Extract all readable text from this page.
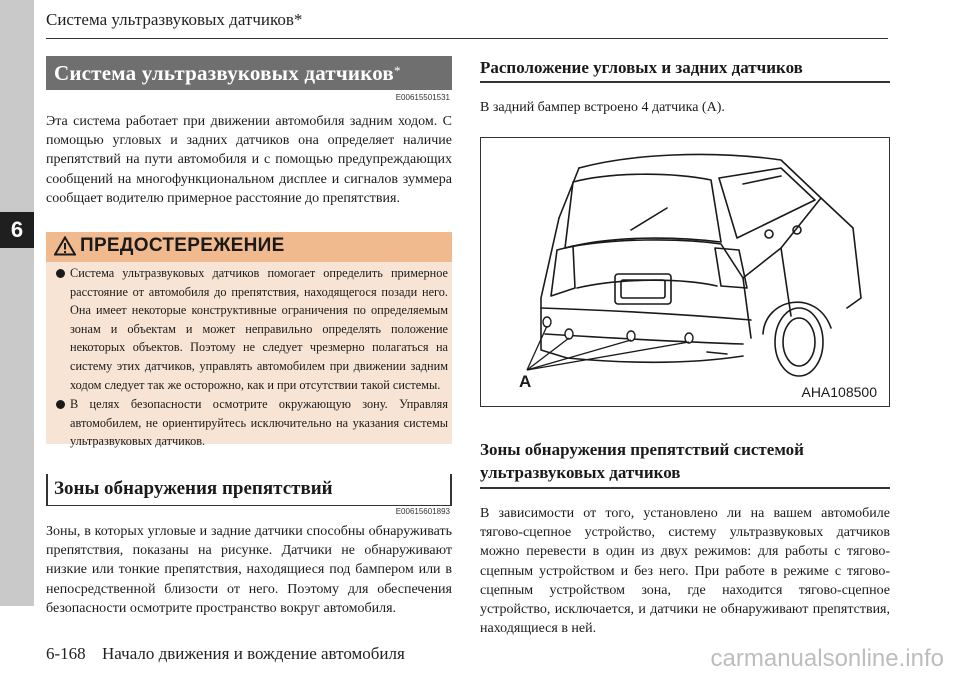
6
Система ультразвуковых датчиков*
Система ультразвуковых датчиков*
E00615501531

Эта система работает при движении автомобиля задним ходом. С помощью угловых и задних датчиков она определяет наличие препятствий на пути автомобиля и с помощью предупреждающих сообщений на многофункциональном дисплее и сигналов зуммера сообщает водителю примерное расстояние до препятствия.

ПРЕДОСТЕРЕЖЕНИЕ
Система ультразвуковых датчиков помогает определить примерное расстояние от автомобиля до препятствия, находящегося позади него. Она имеет некоторые конструктивные ограничения по определяемым зонам и объектам и может неправильно определять положение некоторых объектов. Поэтому не следует чрезмерно полагаться на систему этих датчиков, управлять автомобилем при движении задним ходом следует так же осторожно, как и при отсутствии такой системы.
В целях безопасности осмотрите окружающую зону. Управляя автомобилем, не ориентируйтесь исключительно на указания системы ультразвуковых датчиков.
Зоны обнаружения препятствий
E00615601893

Зоны, в которых угловые и задние датчики способны обнаруживать препятствия, показаны на рисунке. Датчики не обнаруживают низкие или тонкие препятствия, находящиеся под бампером или в непосредственной близости от него. Поэтому для обеспечения безопасности осмотрите пространство вокруг автомобиля.

Расположение угловых и задних датчиков

В задний бампер встроено 4 датчика (A).

A
AHA108500
Зоны обнаружения препятствий системой
ультразвуковых датчиков

В зависимости от того, установлено ли на вашем автомобиле тягово-сцепное устройство, систему ультразвуковых датчиков можно перевести в один из двух режимов: для работы с тягово-сцепным устройством и без него. При работе в режиме с тягово-сцепным устройством зона, где находится тягово-сцепное устройство, исключается, и датчики не обнаруживают препятствия, находящиеся в ней.

6-168 Начало движения и вождение автомобиля	carmanualsonline.info
